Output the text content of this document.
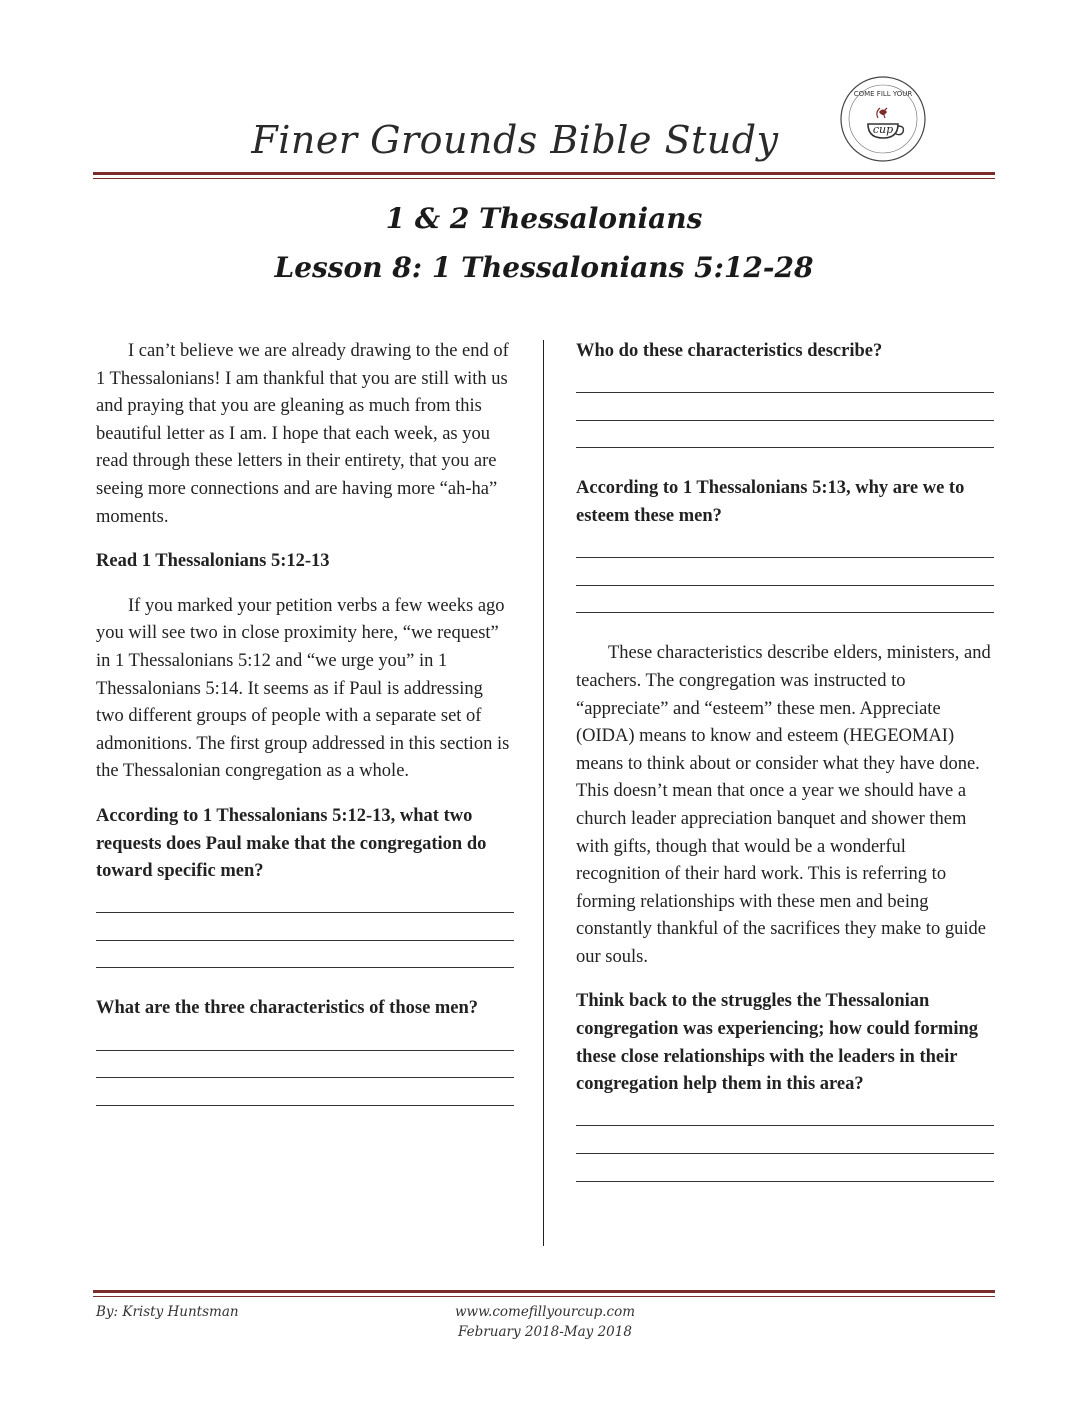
Finer Grounds Bible Study
COME FILL YOUR
cup
1 & 2 Thessalonians
Lesson 8: 1 Thessalonians 5:12-28

I can’t believe we are already drawing to the end of 1 Thessalonians! I am thankful that you are still with us and praying that you are gleaning as much from this beautiful letter as I am. I hope that each week, as you read through these letters in their entirety, that you are seeing more connections and are having more “ah-ha” moments.

Read 1 Thessalonians 5:12-13

If you marked your petition verbs a few weeks ago you will see two in close proximity here, “we request” in 1 Thessalonians 5:12 and “we urge you” in 1 Thessalonians 5:14. It seems as if Paul is addressing two different groups of people with a separate set of admonitions. The first group addressed in this section is the Thessalonian congregation as a whole.

According to 1 Thessalonians 5:12-13, what two requests does Paul make that the congregation do toward specific men?

What are the three characteristics of those men?

Who do these characteristics describe?

According to 1 Thessalonians 5:13, why are we to esteem these men?

These characteristics describe elders, ministers, and teachers. The congregation was instructed to “appreciate” and “esteem” these men. Appreciate (OIDA) means to know and esteem (HEGEOMAI) means to think about or consider what they have done. This doesn’t mean that once a year we should have a church leader appreciation banquet and shower them with gifts, though that would be a wonderful recognition of their hard work. This is referring to forming relationships with these men and being constantly thankful of the sacrifices they make to guide our souls.

Think back to the struggles the Thessalonian congregation was experiencing; how could forming these close relationships with the leaders in their congregation help them in this area?

By: Kristy Huntsman	www.comefillyourcup.com
February 2018-May 2018
